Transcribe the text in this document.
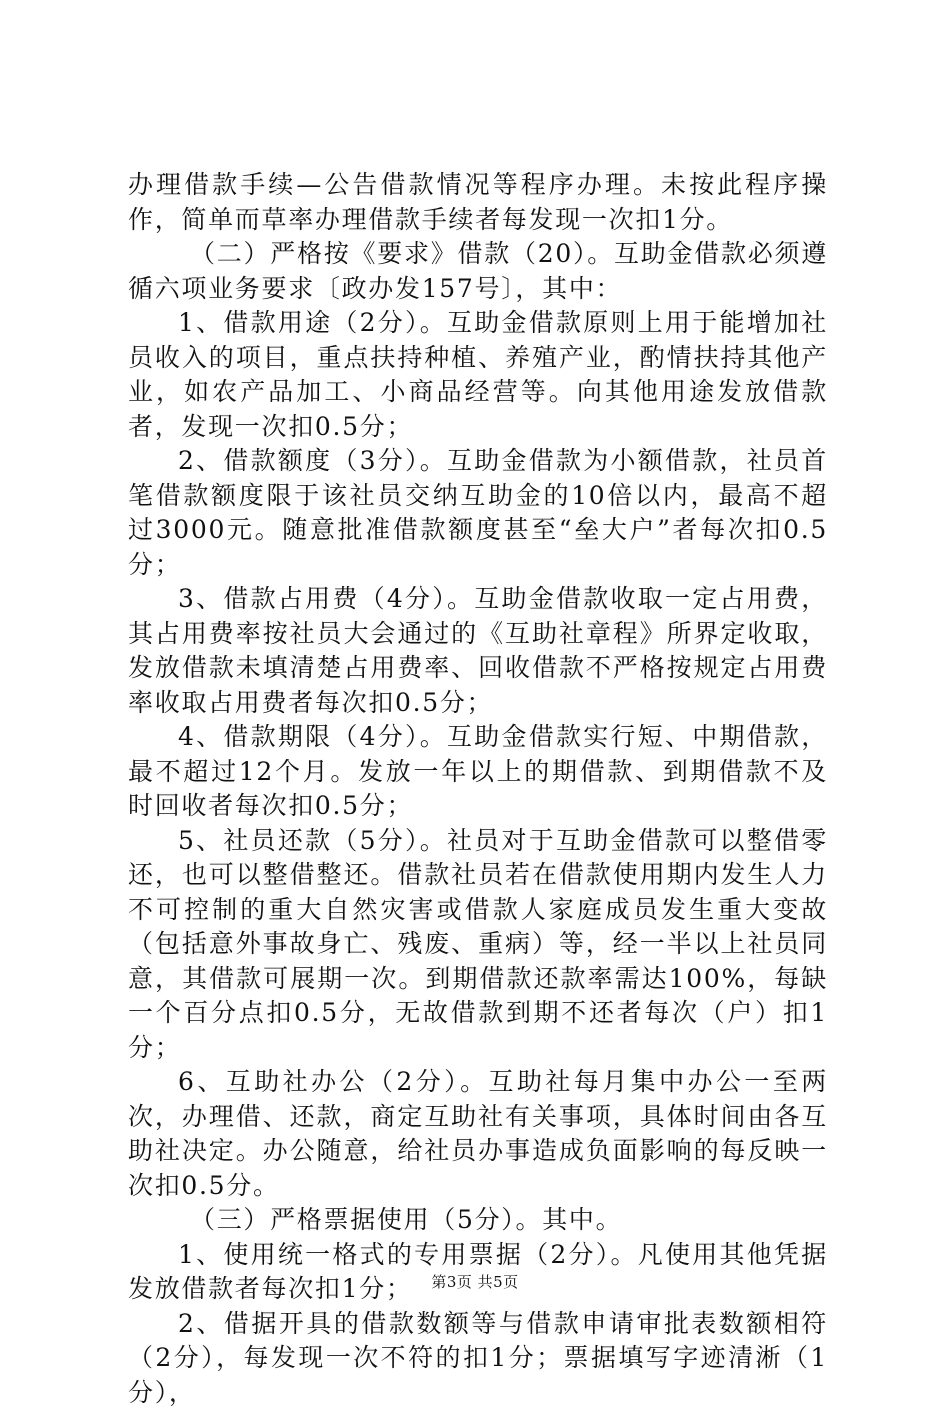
办理借款手续—公告借款情况等程序办理。未按此程序操作，简单而草率办理借款手续者每发现一次扣1分。

（二）严格按《要求》借款（20）。互助金借款必须遵循六项业务要求〔政办发157号〕，其中：

1、借款用途（2分）。互助金借款原则上用于能增加社员收入的项目，重点扶持种植、养殖产业，酌情扶持其他产业，如农产品加工、小商品经营等。向其他用途发放借款者，发现一次扣0.5分；

2、借款额度（3分）。互助金借款为小额借款，社员首笔借款额度限于该社员交纳互助金的10倍以内，最高不超过3000元。随意批准借款额度甚至“垒大户”者每次扣0.5分；

3、借款占用费（4分）。互助金借款收取一定占用费，其占用费率按社员大会通过的《互助社章程》所界定收取，发放借款未填清楚占用费率、回收借款不严格按规定占用费率收取占用费者每次扣0.5分；

4、借款期限（4分）。互助金借款实行短、中期借款，最不超过12个月。发放一年以上的期借款、到期借款不及时回收者每次扣0.5分；

5、社员还款（5分）。社员对于互助金借款可以整借零还，也可以整借整还。借款社员若在借款使用期内发生人力不可控制的重大自然灾害或借款人家庭成员发生重大变故（包括意外事故身亡、残废、重病）等，经一半以上社员同意，其借款可展期一次。到期借款还款率需达100%，每缺一个百分点扣0.5分，无故借款到期不还者每次（户）扣1分；

6、互助社办公（2分）。互助社每月集中办公一至两次，办理借、还款，商定互助社有关事项，具体时间由各互助社决定。办公随意，给社员办事造成负面影响的每反映一次扣0.5分。

（三）严格票据使用（5分）。其中。

1、使用统一格式的专用票据（2分）。凡使用其他凭据发放借款者每次扣1分；

2、借据开具的借款数额等与借款申请审批表数额相符（2分），每发现一次不符的扣1分；票据填写字迹清淅（1分），

第3页 共5页
